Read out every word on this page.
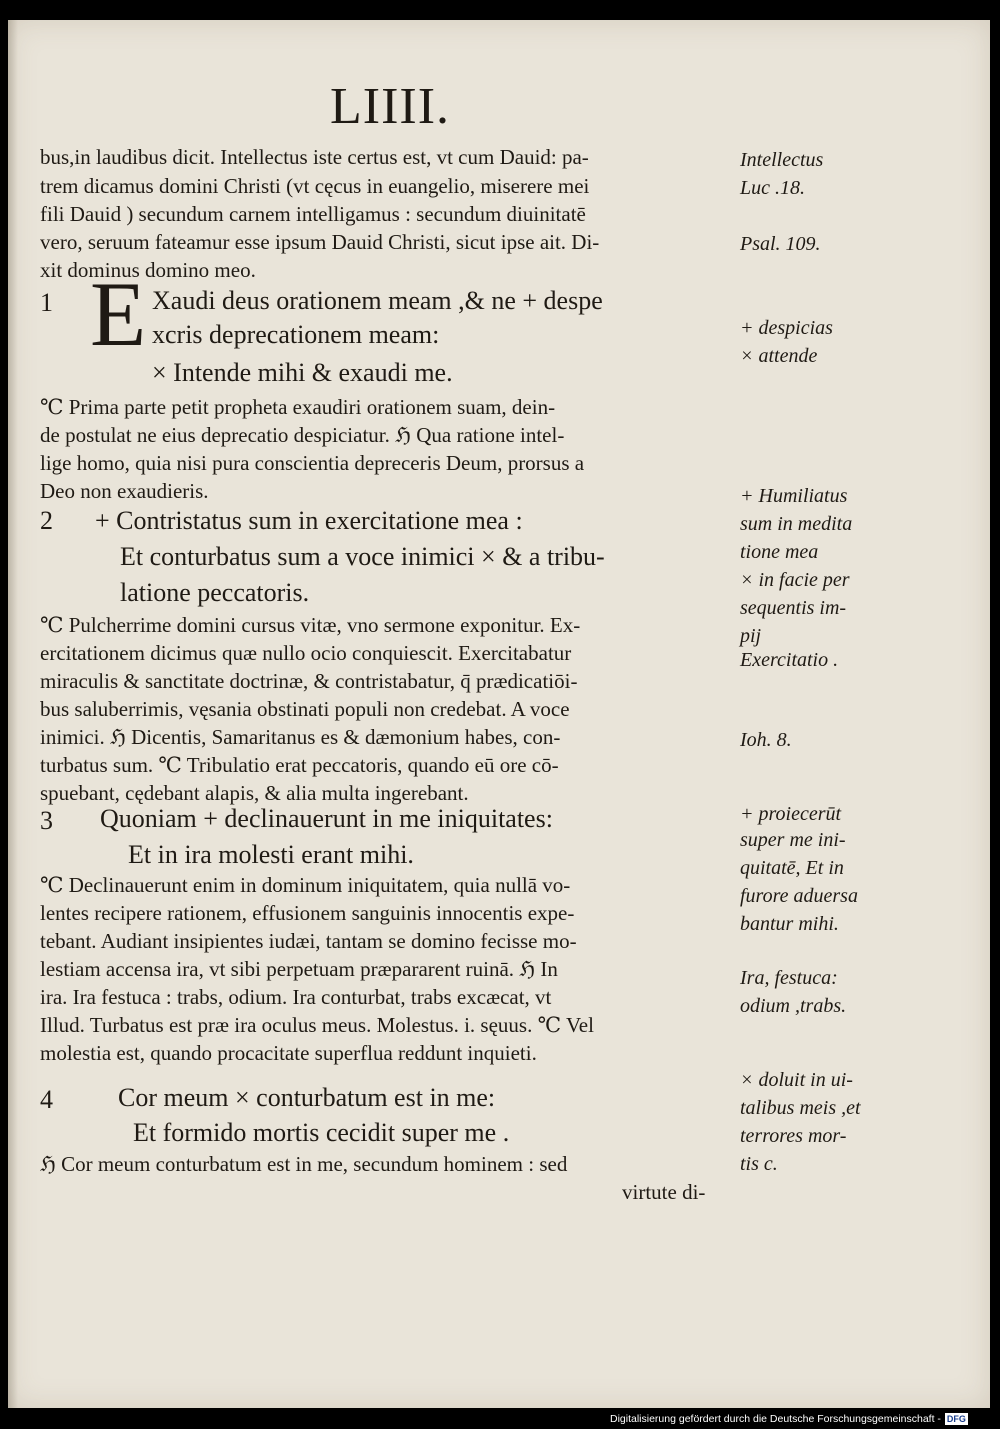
LIIII.
bus,in laudibus dicit. Intellectus iste certus est, vt cum Dauid: pa-
trem dicamus domini Christi (vt cęcus in euangelio, miserere mei
fili Dauid ) secundum carnem intelligamus : secundum diuinitatē
vero, seruum fateamur esse ipsum Dauid Christi, sicut ipse ait. Di-
xit dominus domino meo.
1 E Xaudi deus orationem meam ,& ne + despe
xcris deprecationem meam:
× Intende mihi & exaudi me.
℃ Prima parte petit propheta exaudiri orationem suam, dein-
de postulat ne eius deprecatio despiciatur. ℌ Qua ratione intel-
lige homo, quia nisi pura conscientia depreceris Deum, prorsus a
Deo non exaudieris.
2 + Contristatus sum in exercitatione mea :
Et conturbatus sum a voce inimici × & a tribu-
latione peccatoris.
℃ Pulcherrime domini cursus vitæ, vno sermone exponitur. Ex-
ercitationem dicimus quæ nullo ocio conquiescit. Exercitabatur
miraculis & sanctitate doctrinæ, & contristabatur, q̄ prædicatiōi-
bus saluberrimis, vęsania obstinati populi non credebat. A voce
inimici. ℌ Dicentis, Samaritanus es & dæmonium habes, con-
turbatus sum. ℃ Tribulatio erat peccatoris, quando eū ore cō-
spuebant, cędebant alapis, & alia multa ingerebant.
3 Quoniam + declinauerunt in me iniquitates:
Et in ira molesti erant mihi.
℃ Declinauerunt enim in dominum iniquitatem, quia nullā vo-
lentes recipere rationem, effusionem sanguinis innocentis expe-
tebant. Audiant insipientes iudæi, tantam se domino fecisse mo-
lestiam accensa ira, vt sibi perpetuam præpararent ruinā. ℌ In
ira. Ira festuca : trabs, odium. Ira conturbat, trabs excæcat, vt
Illud. Turbatus est præ ira oculus meus. Molestus. i. sęuus. ℃ Vel
molestia est, quando procacitate superflua reddunt inquieti.
4	Cor meum × conturbatum est in me:
Et formido mortis cecidit super me .
ℌ Cor meum conturbatum est in me, secundum hominem : sed
virtute di-
Intellectus
Luc .18.
Psal. 109.
+ despicias
× attende
+ Humiliatus
sum in medita
tione mea
× in facie per
sequentis im-
pij
Exercitatio .
Ioh. 8.
+ proiecerūt
super me ini-
quitatē, Et in
furore aduersa
bantur mihi.
Ira, festuca:
odium ,trabs.
× doluit in ui-
talibus meis ,et
terrores mor-
tis c.
Digitalisierung gefördert durch die Deutsche Forschungsgemeinschaft - DFG
